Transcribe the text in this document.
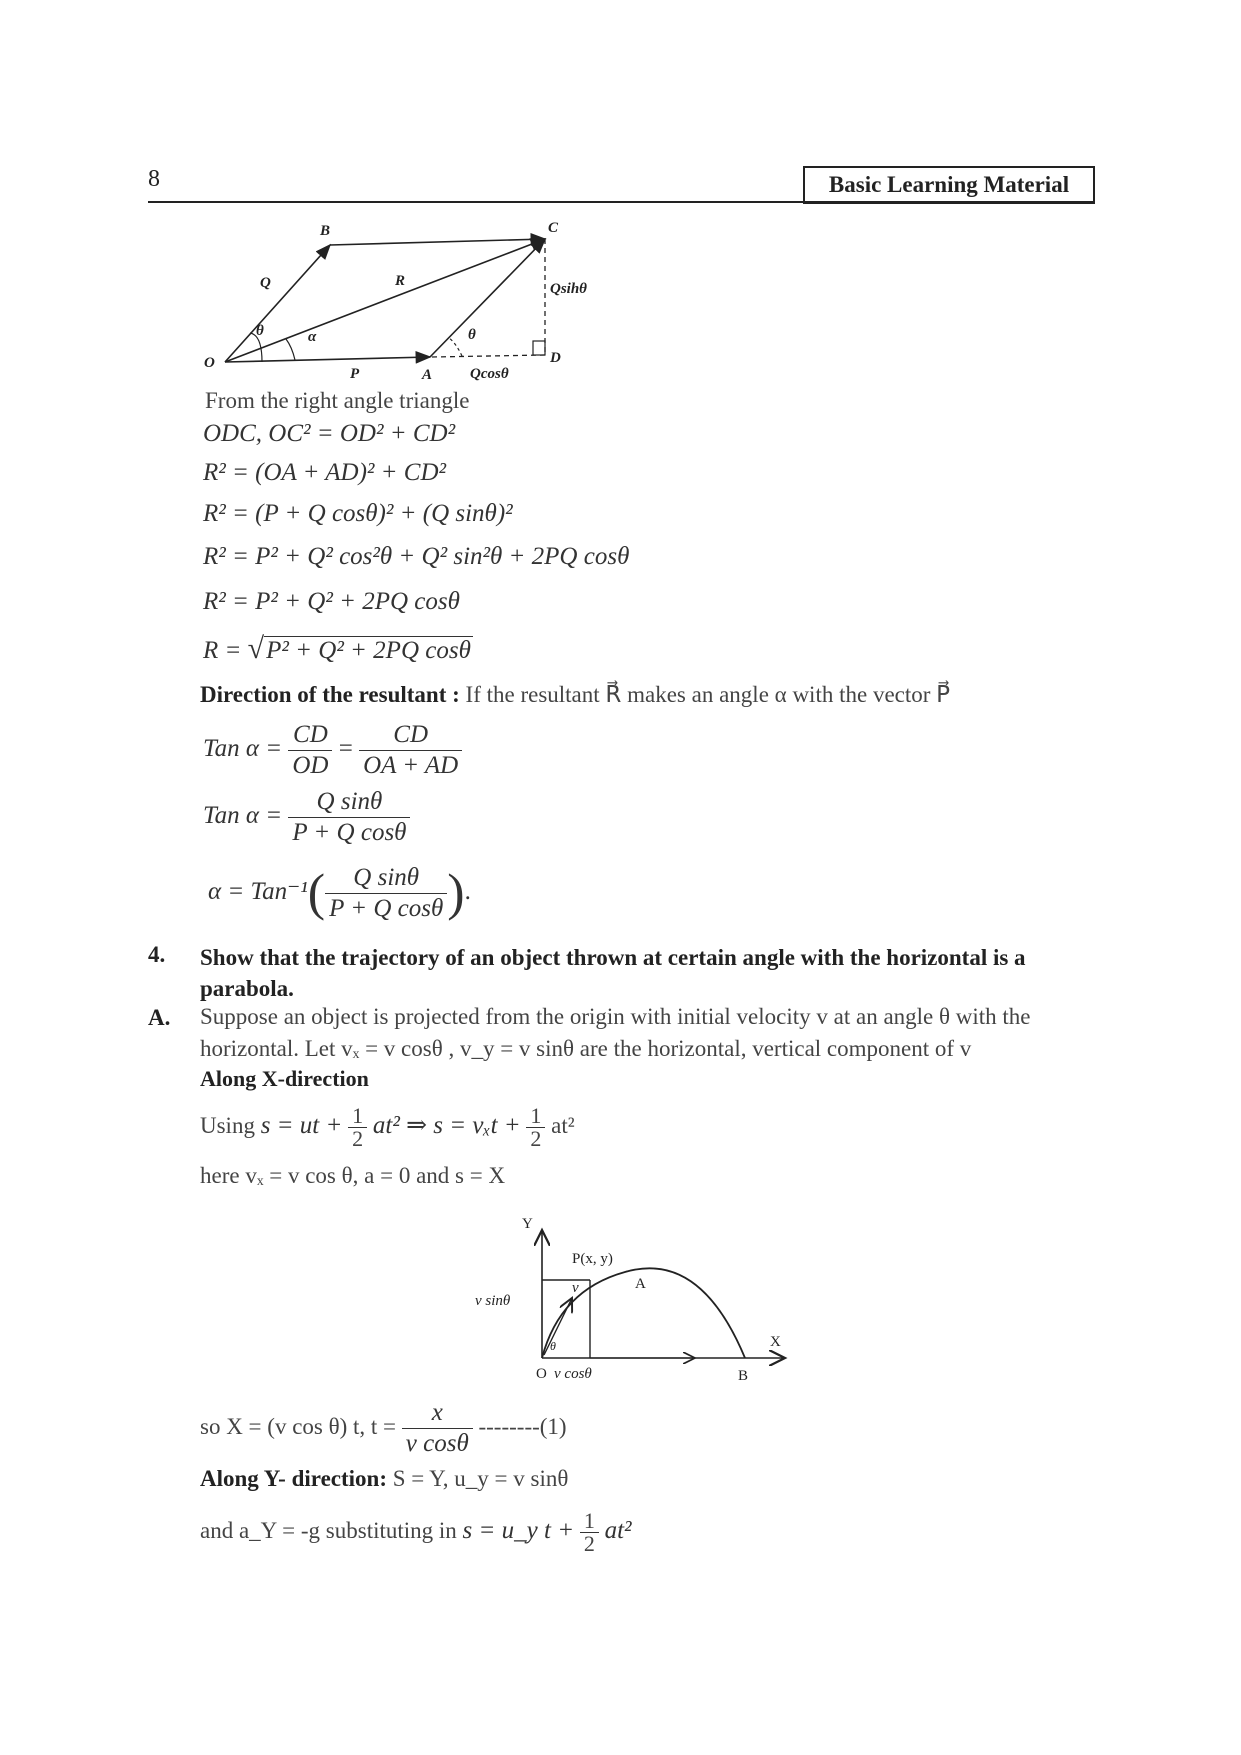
8	Basic Learning Material
O
A
B	C
D
P
Q	R
θ	α	θ
Qsihθ
Qcosθ
From the right angle triangle
ODC, OC² = OD² + CD²
R² = (OA + AD)² + CD²
R² = (P + Q cosθ)² + (Q sinθ)²
R² = P² + Q² cos²θ + Q² sin²θ + 2PQ cosθ
R² = P² + Q² + 2PQ cosθ
R = √P² + Q² + 2PQ cosθ
Direction of the resultant : If the resultant R⃗ makes an angle α with the vector P⃗
Tan $\alpha = \frac{CD}{OD} = \frac{CD}{OA + AD}$
Tan $\alpha = \frac{\text{Q sinθ}}{\text{P + Q cosθ}}$
$\alpha = Tan^{-1}( \frac{\text{Q sinθ}}{\text{P + Q cosθ}}$ ).
4. Show that the trajectory of an object thrown at certain angle with the horizontal is a parabola.
A. Suppose an object is projected from the origin with initial velocity v at an angle θ with the
horizontal. Let vₓ = v cosθ , v_y = v sinθ are the horizontal, vertical component of v
Along X-direction
Using s = ut + $\frac{1}{2} at^2$ ⇒ $s = v_xt + \frac{1}{2} at^2$
here vₓ = v cos θ, a = 0 and s = X
Y
X
O	B
A
P(x, y)
v
θ
v sinθ
v cosθ
so X = (v cos θ) t, $t = \frac{x}{\text{v cosθ}} --------(1)$
Along Y- direction: S = Y, u_y = v sinθ
and a_Y = -g substituting in s = u_y $t + \frac{1}{2} at^2$
